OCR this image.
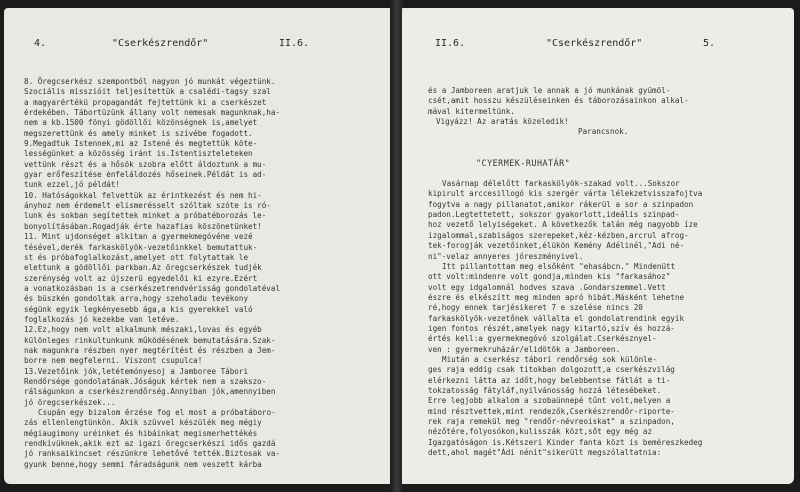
4.	"Cserkészrendőr"	II.6.
8. Öregcserkész szempontból nagyon jó munkát végeztünk.
Szociális misszióit teljesítettük a csalédi-tagsy szal
a magyarértékü propagandát fejtettünk ki a cserkészet
érdekében. Tábortüzünk állany volt nemesak magunknak,ha-
nem a kb.1500 fönyi gödöllői közönségnek is,amelyet
megszerettünk és amely minket is szívébe fogadott.
9.Megadtuk Istennek,mi az Istené és megtettük köte-
lességünket a közösség iránt is.Istentiszteleteken
vettünk részt és a hősök szobra előtt áldoztunk a mu-
gyar erőfeszítése ėnfeláldozés hőseinek.Példát is ad-
tunk ezzel,jó példát!
10. Hatóságokkal felvettük az érintkezést és nem hi-
ányhoz nem érdemelt elismerésselt szóltak szóte is ró-
lunk és sokban segítettek minket a próbatéborozás le-
bonyolításában.Rogadják érte hazafias köszönetünket!
11. Mint ujdonséget alkitan a gyermekmegóvéne vezé
tésével,derék farkaskölyök-vezetőinkkel bemutattuk-
st és próbafoglalkozást,amelyet ott folytattak le
elettunk a gödöllői parkban.Az öregcserkészek tudjék
szerénység volt az újszerü egyedelői ki ezyre.Ezért
a vonatkozásban is a cserkészetrendvérisság gondolatéval
és büszkén gondoltak arra,hogy szeholadu tevékony
ségünk egyik legkényesebb ága,a kis gyerekkel való
foglalkozás jó kezekbe van letéve.
12.Ez,hogy nem volt alkalmunk mészaki,lovas és egyéb
különleges rinkultunkunk működésének bemutatására.Szak-
nak magunkra részben nyer megtérítést és részben a Jem-
borre nem megfelerni. Viszont csupulca!
13.Vezetőink jók,letétemónyesoj a Jamboree Tábori
Rendőrsége gondolatának.Jóságuk kértek nem a szakszo-
rálságunkon a cserkészrendőrség.Annyiban jók,amennyiben
jó öregcserkészek...
Csupán egy bizalom érzése fog el most a próbatáboro-
zás ellenlengtünkön. Akik szüvvel készülék meg mégiy
mégiaugimony uréinket és hibáinkat megismerhettékés
rendkívüknek,akik ezt az igazi öregcserkészi idős gazdá
jó ranksaikincset részünkre lehetővé tették.Biztosak va-
gyunk benne,hogy semmi fáradságunk nem veszett kárba
II.6.	"Cserkészrendőr"	5.
és a Jamboreen aratjuk le annak a jó munkának gyümöl-
csét,amit hosszu készüléseinken és táborozásainkon alkal-
mával kitermeltünk.
Vigyázz! Az aratás közeledik!
Parancsnok.
"CYERMEK-RUHATÁR"
Vasárnap délelőtt farkaskölyök-szakad volt...Sokszor
kipirult arccesillogó kis szergér várta lélekzetvisszafojtva
fogytva a nagy pillanatot,amikor rákerül a sor a szinpadon
padon.Legtettetett, sokszor gyakorlott,ideális szinpad-
hoz vezető lelyiségeket. A következők talán még nagyobb íze
izgalommal,szabiságos szerepeket,kéz-kézben,arcrul afrog-
tek-forogják vezetőinket,élükön Kemény Adélinél,"Adi né-
ni"-velaz annyeres jóreszményivel.
Itt pillantottam meg elsőként "ehasábcn." Mindenütt
ott volt:mindenre volt gondja,minden kis "farkasához"
volt egy idgalomnál hodves szava .Gondarszemmel.Vett
észre és elkészítt meg minden apró hibát.Másként lehetne
ré,hogy ennek tarjésikeret 7 e szelése nincs 20
farkaskölyök-vezetőnek vállalta el gondolatrendink egyik
igen fontos részét,amelyek nagy kitartó,szív és hozzá-
értés kell:a gyermekmegóvó szolgálat.Cserkésznyel-
ven : gyermekruházár/elidötök a Jamboreen.
Miután a cserkész tábori rendőrség sok különle-
ges raja eddig csak titokban dolgozott,a cserkészvilág
elérkezni látta az időt,hogy belebbentse fátlát a ti-
tokzatosság fátyláf,nyilvánosság hozzá létesébeket.
Erre legjobb alkalom a szobaünnepé tűnt volt,melyen a
mind résztvettek,mint rendezők,Cserkészrendőr-riporte-
rek raja remekül meg "rendőr-névreoiskat" a szinpadon,
nézőtére,folyosókon,kulisszák közt,sőt egy még az
Igazgatóságon is.Kétszeri Kinder fanta közt is beméreszkedeg
dett,ahol magét"Ádi nénit"sikerült megszólaltatnia:
